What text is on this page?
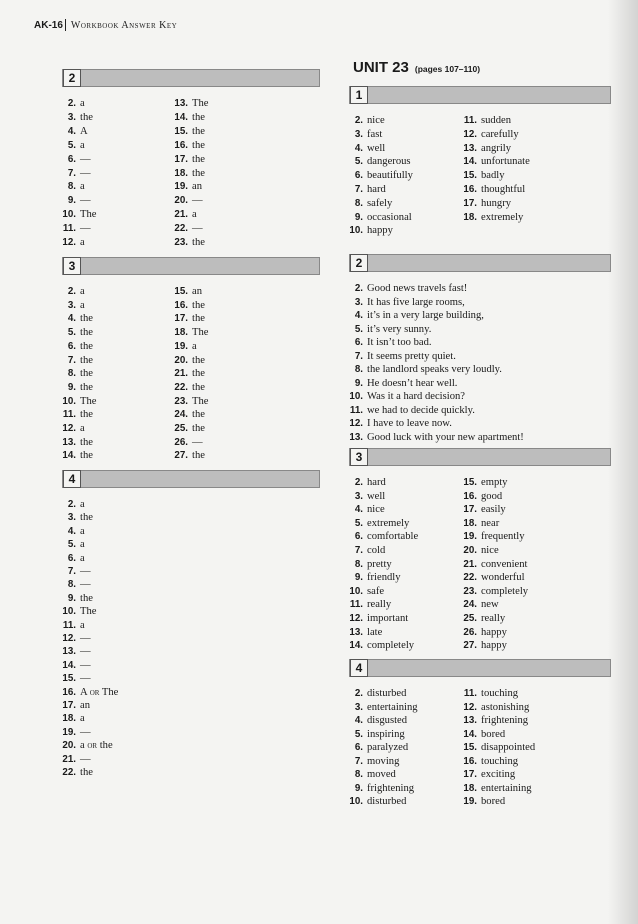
AK-16 Workbook Answer Key
UNIT 23 (pages 107–110)
2
2. a
3. the
4. A
5. a
6. —
7. —
8. a
9. —
10. The
11. —
12. a
13. The
14. the
15. the
16. the
17. the
18. the
19. an
20. —
21. a
22. —
23. the
3
2. a
3. a
4. the
5. the
6. the
7. the
8. the
9. the
10. The
11. the
12. a
13. the
14. the
15. an
16. the
17. the
18. The
19. a
20. the
21. the
22. the
23. The
24. the
25. the
26. —
27. the
4
2. a
3. the
4. a
5. a
6. a
7. —
8. —
9. the
10. The
11. a
12. —
13. —
14. —
15. —
16. A or The
17. an
18. a
19. —
20. a or the
21. —
22. the
1
2. nice
3. fast
4. well
5. dangerous
6. beautifully
7. hard
8. safely
9. occasional
10. happy
11. sudden
12. carefully
13. angrily
14. unfortunate
15. badly
16. thoughtful
17. hungry
18. extremely
2
2. Good news travels fast!
3. It has five large rooms,
4. it’s in a very large building,
5. it’s very sunny.
6. It isn’t too bad.
7. It seems pretty quiet.
8. the landlord speaks very loudly.
9. He doesn’t hear well.
10. Was it a hard decision?
11. we had to decide quickly.
12. I have to leave now.
13. Good luck with your new apartment!
3
2. hard
3. well
4. nice
5. extremely
6. comfortable
7. cold
8. pretty
9. friendly
10. safe
11. really
12. important
13. late
14. completely
15. empty
16. good
17. easily
18. near
19. frequently
20. nice
21. convenient
22. wonderful
23. completely
24. new
25. really
26. happy
27. happy
4
2. disturbed
3. entertaining
4. disgusted
5. inspiring
6. paralyzed
7. moving
8. moved
9. frightening
10. disturbed
11. touching
12. astonishing
13. frightening
14. bored
15. disappointed
16. touching
17. exciting
18. entertaining
19. bored
